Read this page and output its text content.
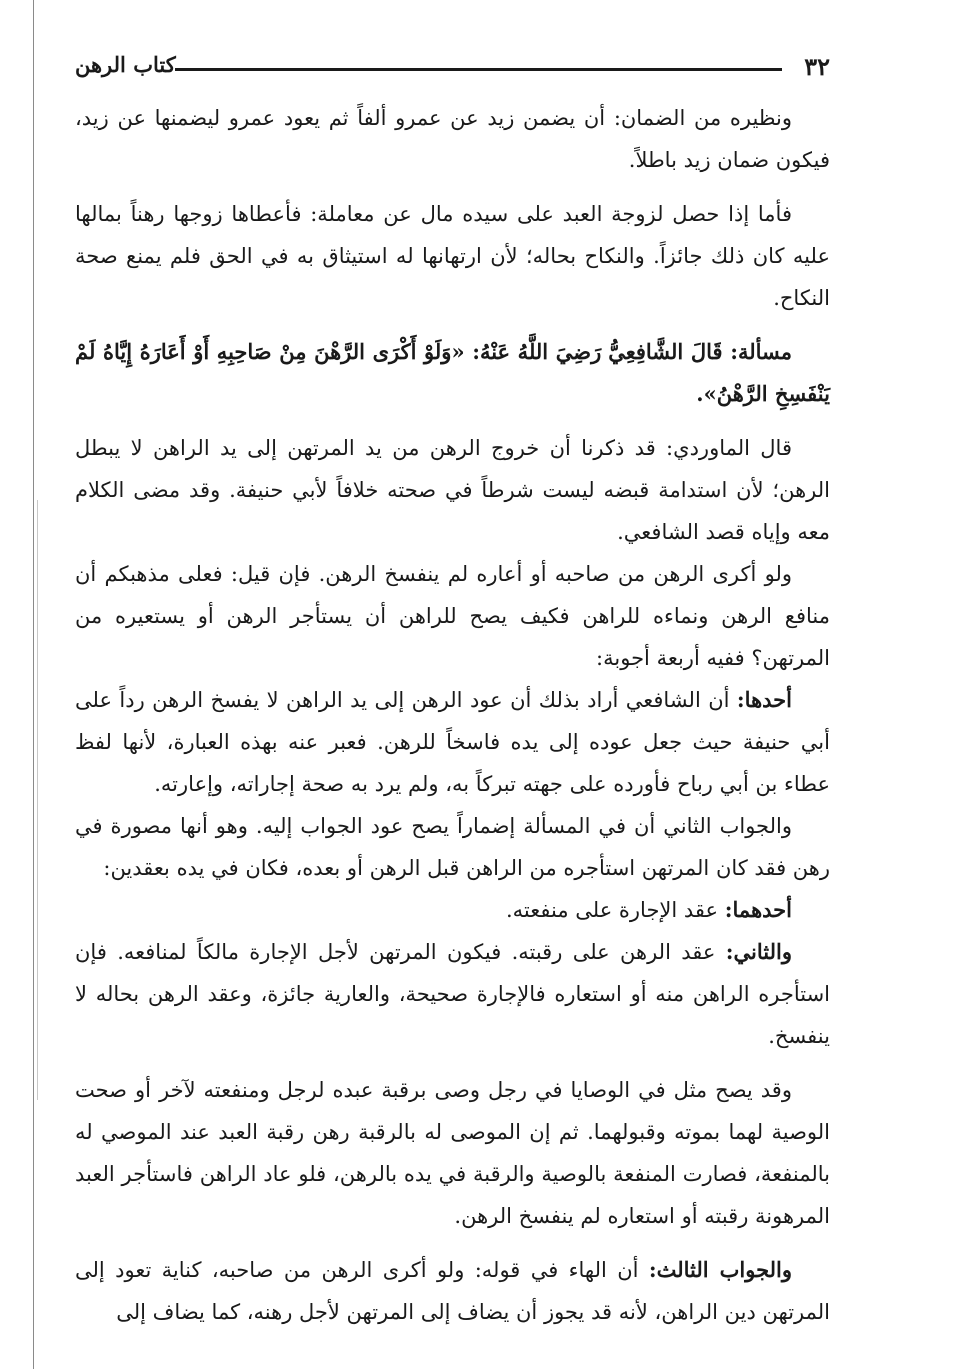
٣٢
كتاب الرهن

ونظيره من الضمان: أن يضمن زيد عن عمرو ألفاً ثم يعود عمرو ليضمنها عن زيد، فيكون ضمان زيد باطلاً.

فأما إذا حصل لزوجة العبد على سيده مال عن معاملة: فأعطاها زوجها رهناً بمالها عليه كان ذلك جائزاً. والنكاح بحاله؛ لأن ارتهانها له استيثاق به في الحق فلم يمنع صحة النكاح.

مسألة: قَالَ الشَّافِعِيُّ رَضِيَ اللَّهُ عَنْهُ: «وَلَوْ أَكْرَى الرَّهْنَ مِنْ صَاحِبِهِ أَوْ أَعَارَهُ إِيَّاهُ لَمْ يَنْفَسِخِ الرَّهْنُ».

قال الماوردي: قد ذكرنا أن خروج الرهن من يد المرتهن إلى يد الراهن لا يبطل الرهن؛ لأن استدامة قبضه ليست شرطاً في صحته خلافاً لأبي حنيفة. وقد مضى الكلام معه وإياه قصد الشافعي.

ولو أكرى الرهن من صاحبه أو أعاره لم ينفسخ الرهن. فإن قيل: فعلى مذهبكم أن منافع الرهن ونماءه للراهن فكيف يصح للراهن أن يستأجر الرهن أو يستعيره من المرتهن؟ ففيه أربعة أجوبة:

أحدها: أن الشافعي أراد بذلك أن عود الرهن إلى يد الراهن لا يفسخ الرهن رداً على أبي حنيفة حيث جعل عوده إلى يده فاسخاً للرهن. فعبر عنه بهذه العبارة، لأنها لفظ عطاء بن أبي رباح فأورده على جهته تبركاً به، ولم يرد به صحة إجاراته، وإعارته.

والجواب الثاني أن في المسألة إضماراً يصح عود الجواب إليه. وهو أنها مصورة في رهن فقد كان المرتهن استأجره من الراهن قبل الرهن أو بعده، فكان في يده بعقدين:

أحدهما: عقد الإجارة على منفعته.

والثاني: عقد الرهن على رقبته. فيكون المرتهن لأجل الإجارة مالكاً لمنافعه. فإن استأجره الراهن منه أو استعاره فالإجارة صحيحة، والعارية جائزة، وعقد الرهن بحاله لا ينفسخ.

وقد يصح مثل في الوصايا في رجل وصى برقبة عبده لرجل ومنفعته لآخر أو صحت الوصية لهما بموته وقبولهما. ثم إن الموصى له بالرقبة رهن رقبة العبد عند الموصي له بالمنفعة، فصارت المنفعة بالوصية والرقبة في يده بالرهن، فلو عاد الراهن فاستأجر العبد المرهونة رقبته أو استعاره لم ينفسخ الرهن.

والجواب الثالث: أن الهاء في قوله: ولو أكرى الرهن من صاحبه، كناية تعود إلى المرتهن دين الراهن، لأنه قد يجوز أن يضاف إلى المرتهن لأجل رهنه، كما يضاف إلى
